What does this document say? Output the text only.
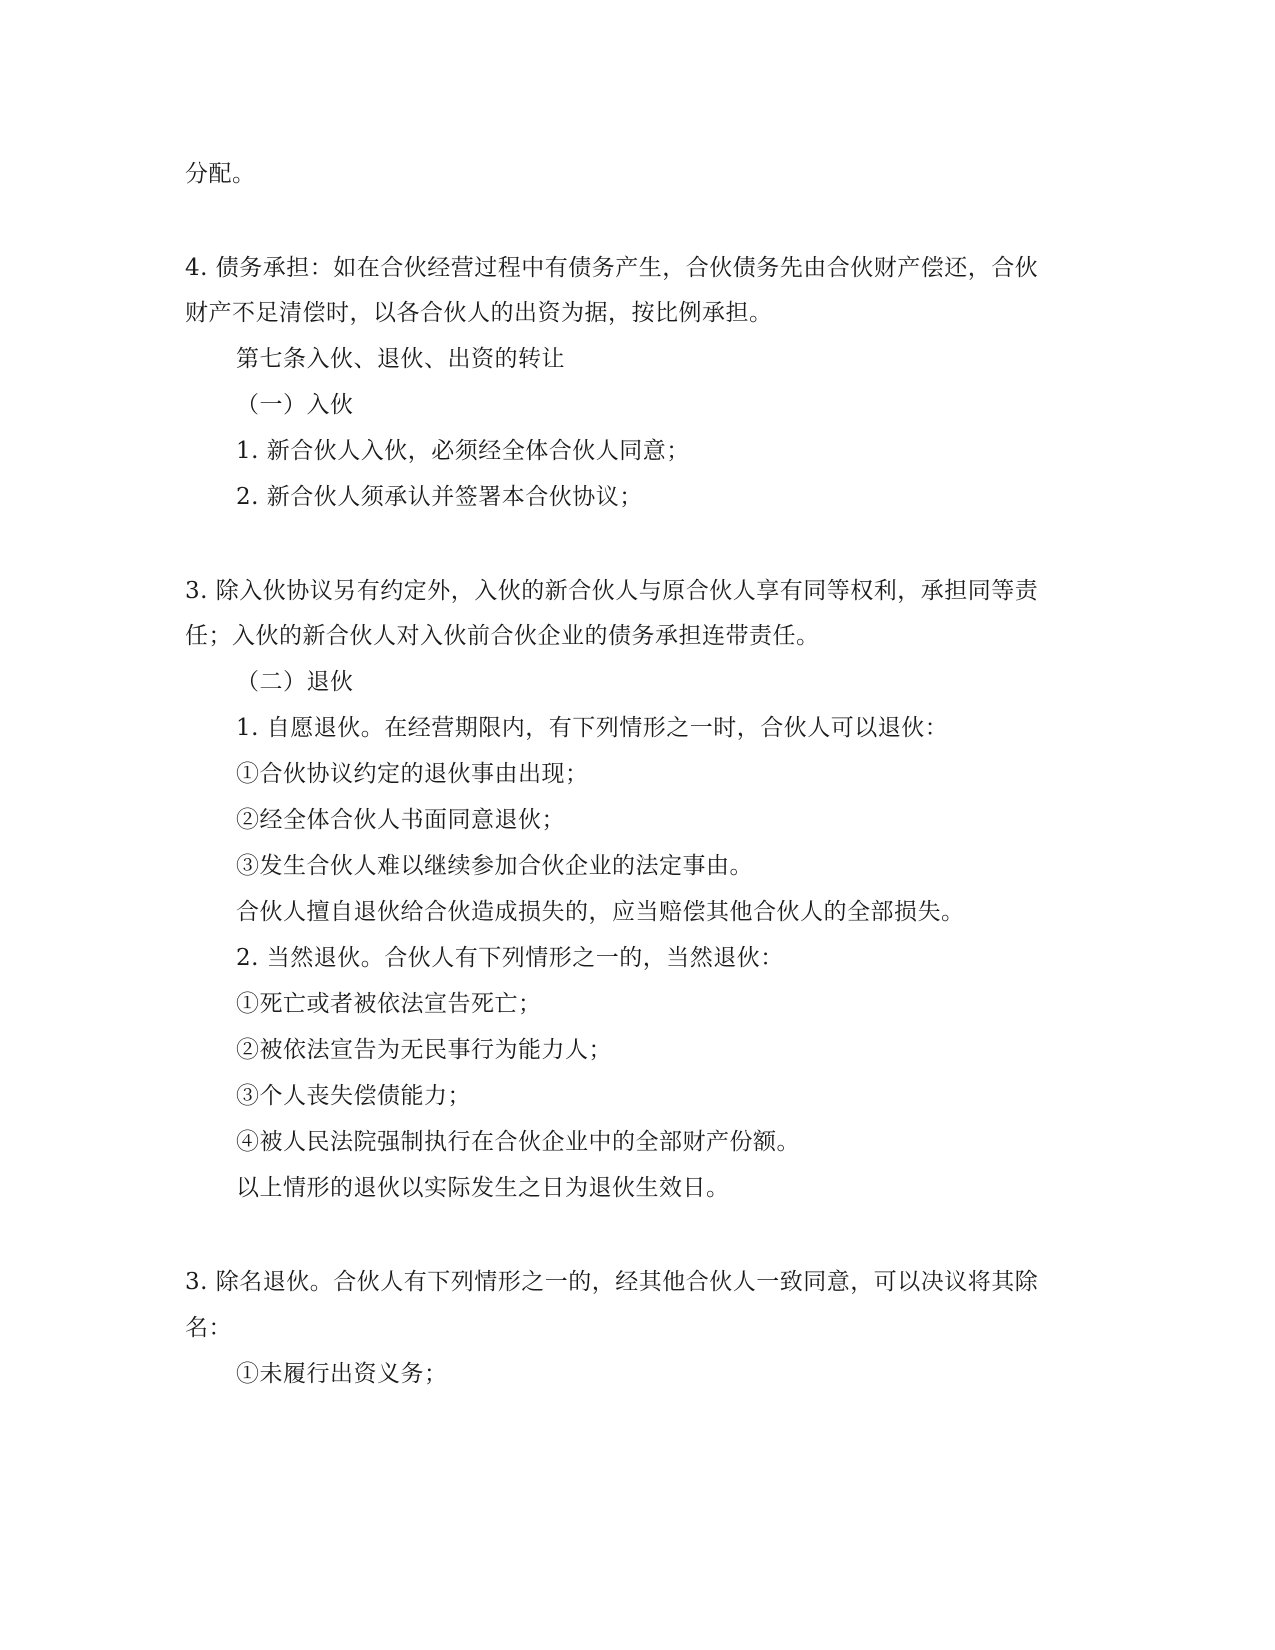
分配。
4. 债务承担：如在合伙经营过程中有债务产生，合伙债务先由合伙财产偿还，合伙
财产不足清偿时，以各合伙人的出资为据，按比例承担。
第七条入伙、退伙、出资的转让
（一）入伙
1. 新合伙人入伙，必须经全体合伙人同意；
2. 新合伙人须承认并签署本合伙协议；
3. 除入伙协议另有约定外，入伙的新合伙人与原合伙人享有同等权利，承担同等责
任；入伙的新合伙人对入伙前合伙企业的债务承担连带责任。
（二）退伙
1. 自愿退伙。在经营期限内，有下列情形之一时，合伙人可以退伙：
①合伙协议约定的退伙事由出现；
②经全体合伙人书面同意退伙；
③发生合伙人难以继续参加合伙企业的法定事由。
合伙人擅自退伙给合伙造成损失的，应当赔偿其他合伙人的全部损失。
2. 当然退伙。合伙人有下列情形之一的，当然退伙：
①死亡或者被依法宣告死亡；
②被依法宣告为无民事行为能力人；
③个人丧失偿债能力；
④被人民法院强制执行在合伙企业中的全部财产份额。
以上情形的退伙以实际发生之日为退伙生效日。
3. 除名退伙。合伙人有下列情形之一的，经其他合伙人一致同意，可以决议将其除
名：
①未履行出资义务；
